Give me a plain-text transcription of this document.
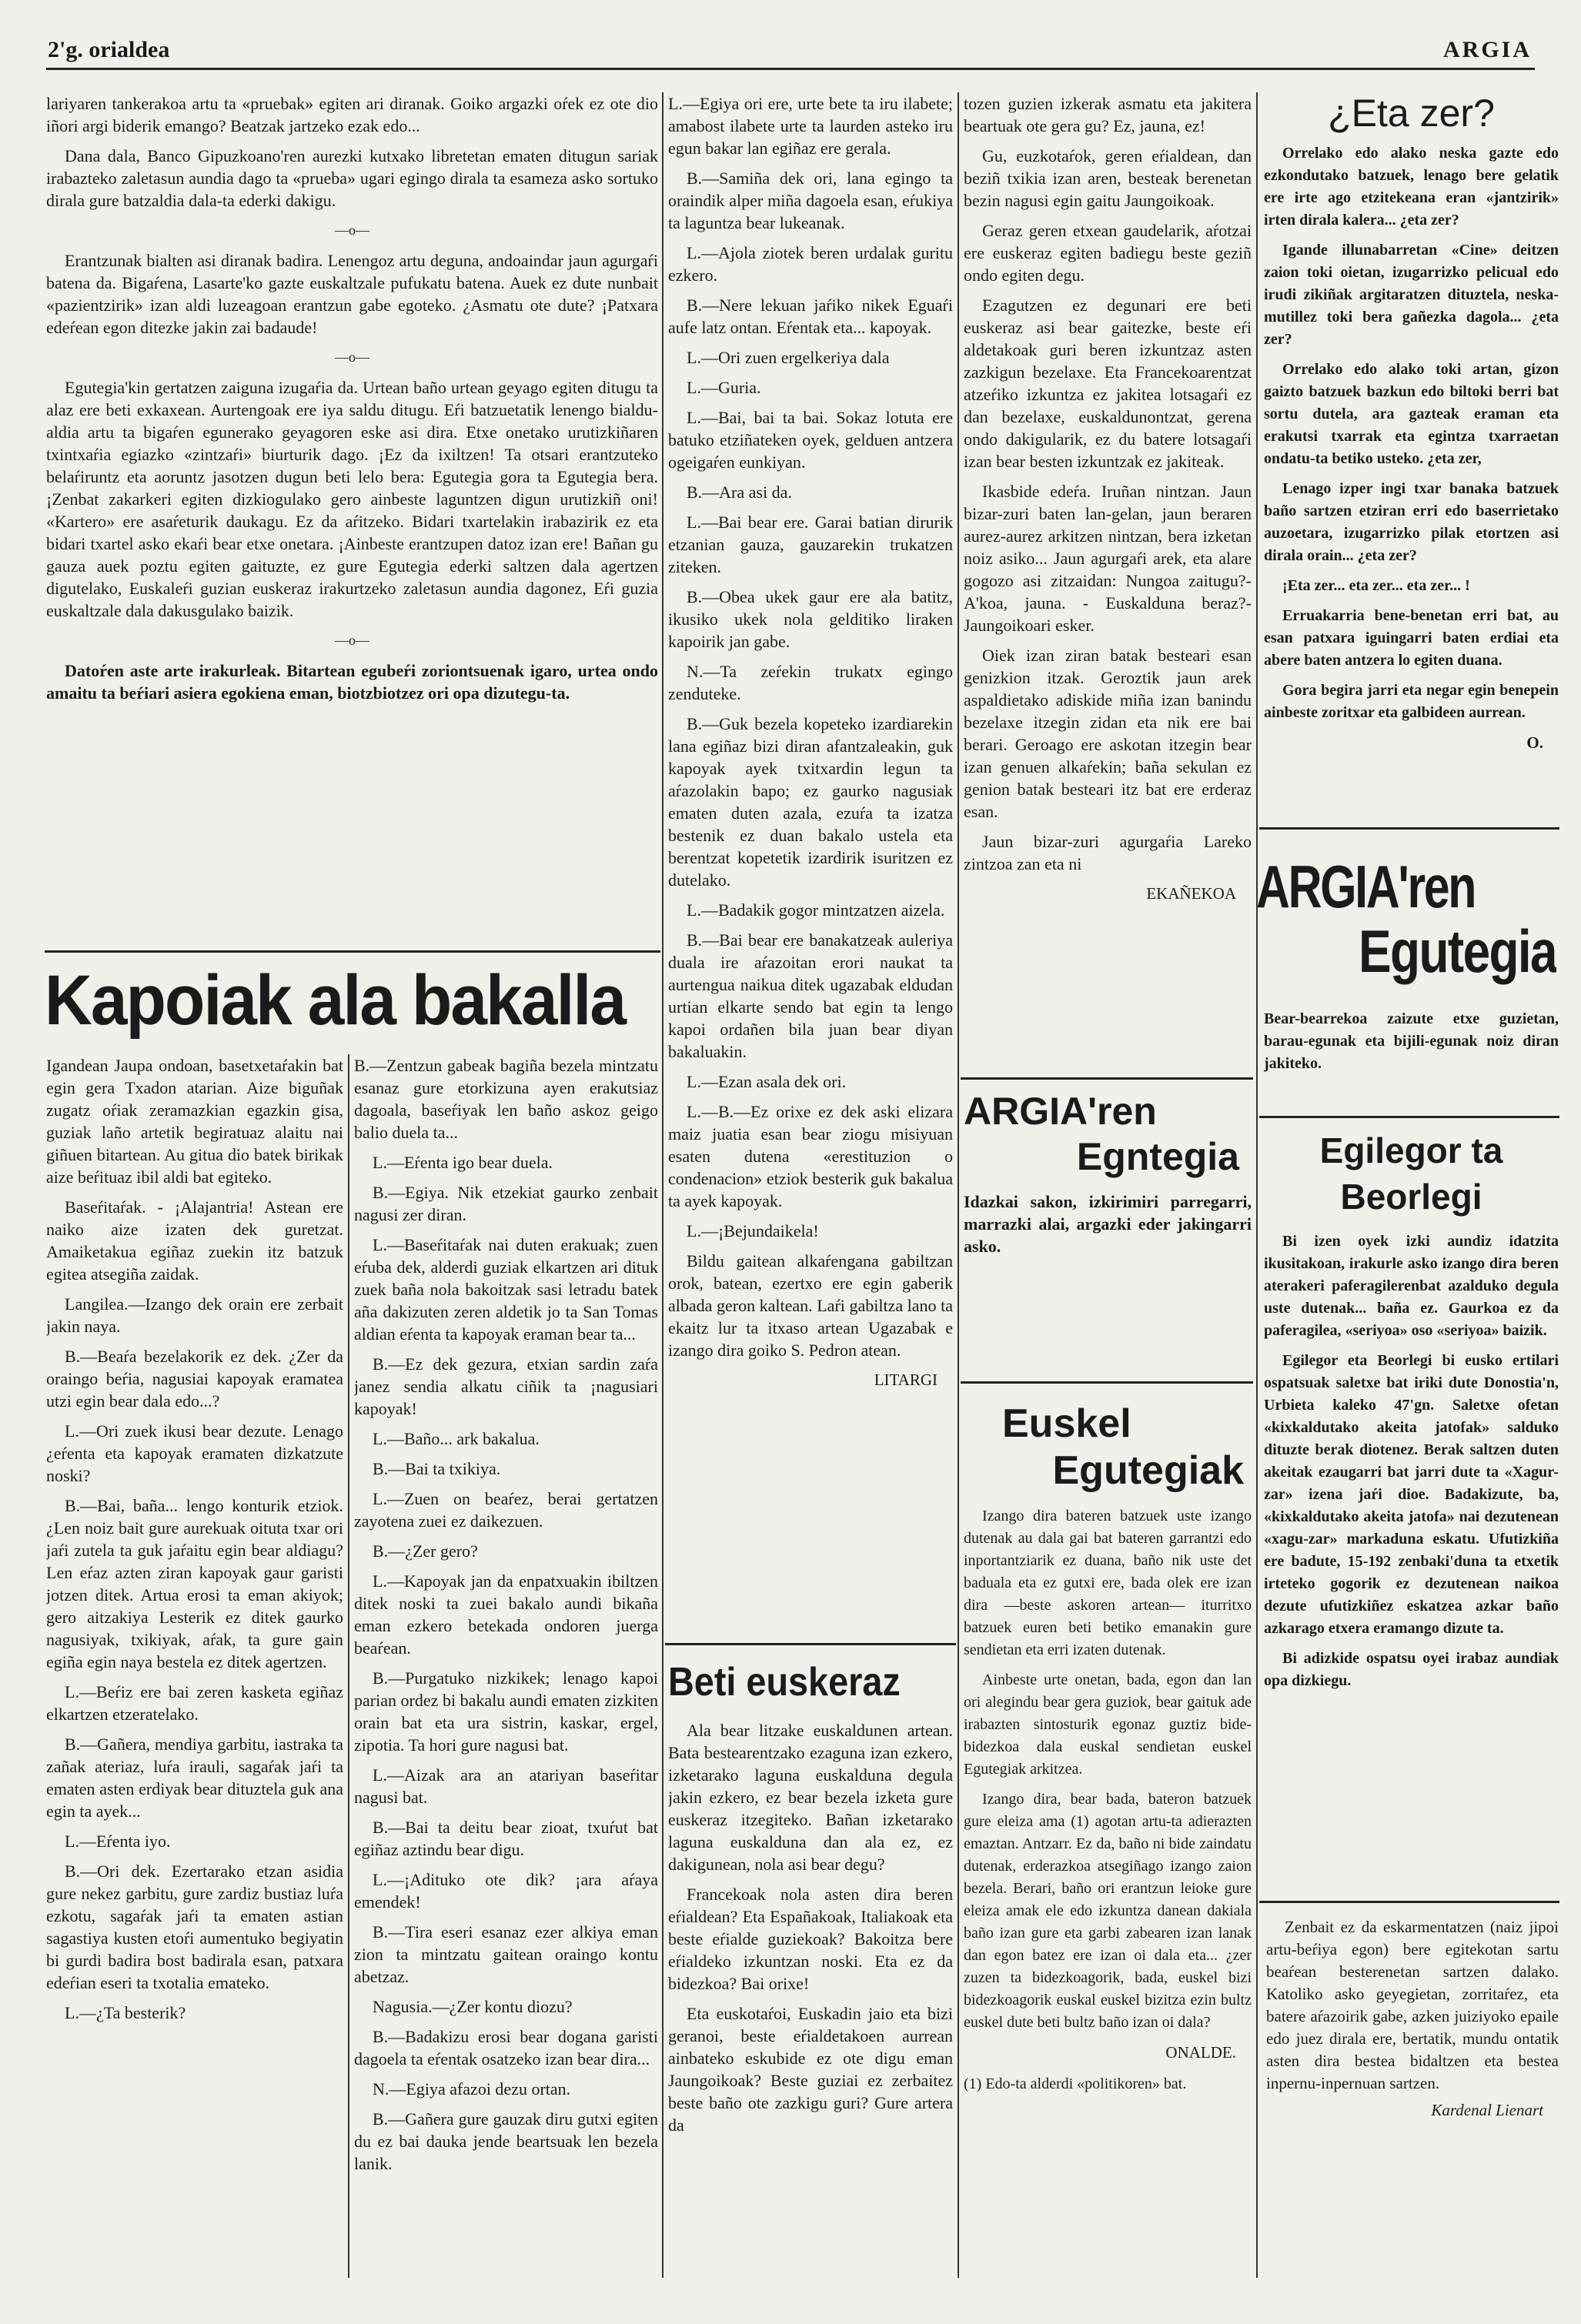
2'g. orialdea	ARGIA

lariyaren tankerakoa artu ta «pruebak» egiten ari diranak. Goiko argazki oŕek ez ote dio iñori argi biderik emango? Beatzak jartzeko ezak edo...

Dana dala, Banco Gipuzkoano'ren aurezki kutxako libretetan ematen ditugun sariak irabazteko zaletasun aundia dago ta «prueba» ugari egingo dirala ta esameza asko sortuko dirala gure batzaldia dala-ta ederki dakigu.

—o—

Erantzunak bialten asi diranak badira. Lenengoz artu deguna, andoaindar jaun agurgaŕi batena da. Bigaŕena, Lasarte'ko gazte euskaltzale pufukatu batena. Auek ez dute nunbait «pazientzirik» izan aldi luzeagoan erantzun gabe egoteko. ¿Asmatu ote dute? ¡Patxara edeŕean egon ditezke jakin zai badaude!

—o—

Egutegia'kin gertatzen zaiguna izugaŕia da. Urtean baño urtean geyago egiten ditugu ta alaz ere beti exkaxean. Aurtengoak ere iya saldu ditugu. Eŕi batzuetatik lenengo bialdu-aldia artu ta bigaŕen egunerako geyagoren eske asi dira. Etxe onetako urutizkiñaren txintxaŕia egiazko «zintzaŕi» biurturik dago. ¡Ez da ixiltzen! Ta otsari erantzuteko belaŕiruntz eta aoruntz jasotzen dugun beti lelo bera: Egutegia gora ta Egutegia bera. ¡Zenbat zakarkeri egiten dizkiogulako gero ainbeste laguntzen digun urutizkiñ oni! «Kartero» ere asaŕeturik daukagu. Ez da aŕitzeko. Bidari txartelakin irabazirik ez eta bidari txartel asko ekaŕi bear etxe onetara. ¡Ainbeste erantzupen datoz izan ere! Bañan gu gauza auek poztu egiten gaituzte, ez gure Egutegia ederki saltzen dala agertzen digutelako, Euskaleŕi guzian euskeraz irakurtzeko zaletasun aundia dagonez, Eŕi guzia euskaltzale dala dakusgulako baizik.

—o—

Datoŕen aste arte irakurleak. Bitartean egubeŕi zoriontsuenak igaro, urtea ondo amaitu ta beŕiari asiera egokiena eman, biotzbiotzez ori opa dizutegu-ta.

Kapoiak ala bakalla

Igandean Jaupa ondoan, basetxetaŕakin bat egin gera Txadon atarian. Aize biguñak zugatz oŕiak zeramazkian egazkin gisa, guziak laño artetik begiratuaz alaitu nai giñuen bitartean. Au gitua dio batek birikak aize beŕituaz ibil aldi bat egiteko.

Baseŕitaŕak. - ¡Alajantria! Astean ere naiko aize izaten dek guretzat. Amaiketakua egiñaz zuekin itz batzuk egitea atsegiña zaidak.

Langilea.—Izango dek orain ere zerbait jakin naya.

B.—Beaŕa bezelakorik ez dek. ¿Zer da oraingo beŕia, nagusiai kapoyak eramatea utzi egin bear dala edo...?

L.—Ori zuek ikusi bear dezute. Lenago ¿eŕenta eta kapoyak eramaten dizkatzute noski?

B.—Bai, baña... lengo konturik etziok. ¿Len noiz bait gure aurekuak oituta txar ori jaŕi zutela ta guk jaŕaitu egin bear aldiagu? Len eŕaz azten ziran kapoyak gaur garisti jotzen ditek. Artua erosi ta eman akiyok; gero aitzakiya Lesterik ez ditek gaurko nagusiyak, txikiyak, aŕak, ta gure gain egiña egin naya bestela ez ditek agertzen.

L.—Beŕiz ere bai zeren kasketa egiñaz elkartzen etzeratelako.

B.—Gañera, mendiya garbitu, iastraka ta zañak ateriaz, luŕa irauli, sagaŕak jaŕi ta ematen asten erdiyak bear dituztela guk ana egin ta ayek...

L.—Eŕenta iyo.

B.—Ori dek. Ezertarako etzan asidia gure nekez garbitu, gure zardiz bustiaz luŕa ezkotu, sagaŕak jaŕi ta ematen astian sagastiya kusten etoŕi aumentuko begiyatin bi gurdi badira bost badirala esan, patxara edeŕian eseri ta txotalia emateko.

L.—¿Ta besterik?

B.—Zentzun gabeak bagiña bezela mintzatu esanaz gure etorkizuna ayen erakutsiaz dagoala, baseŕiyak len baño askoz geigo balio duela ta...

L.—Eŕenta igo bear duela.

B.—Egiya. Nik etzekiat gaurko zenbait nagusi zer diran.

L.—Baseŕitaŕak nai duten erakuak; zuen eŕuba dek, alderdi guziak elkartzen ari dituk zuek baña nola bakoitzak sasi letradu batek aña dakizuten zeren aldetik jo ta San Tomas aldian eŕenta ta kapoyak eraman bear ta...

B.—Ez dek gezura, etxian sardin zaŕa janez sendia alkatu ciñik ta ¡nagusiari kapoyak!

L.—Baño... ark bakalua.

B.—Bai ta txikiya.

L.—Zuen on beaŕez, berai gertatzen zayotena zuei ez daikezuen.

B.—¿Zer gero?

L.—Kapoyak jan da enpatxuakin ibiltzen ditek noski ta zuei bakalo aundi bikaña eman ezkero betekada ondoren juerga beaŕean.

B.—Purgatuko nizkikek; lenago kapoi parian ordez bi bakalu aundi ematen zizkiten orain bat eta ura sistrin, kaskar, ergel, zipotia. Ta hori gure nagusi bat.

L.—Aizak ara an atariyan baseŕitar nagusi bat.

B.—Bai ta deitu bear zioat, txuŕut bat egiñaz aztindu bear digu.

L.—¡Adituko ote dik? ¡ara aŕaya emendek!

B.—Tira eseri esanaz ezer alkiya eman zion ta mintzatu gaitean oraingo kontu abetzaz.

Nagusia.—¿Zer kontu diozu?

B.—Badakizu erosi bear dogana garisti dagoela ta eŕentak osatzeko izan bear dira...

N.—Egiya afazoi dezu ortan.

B.—Gañera gure gauzak diru gutxi egiten du ez bai dauka jende beartsuak len bezela lanik.

L.—Egiya ori ere, urte bete ta iru ilabete; amabost ilabete urte ta laurden asteko iru egun bakar lan egiñaz ere gerala.

B.—Samiña dek ori, lana egingo ta oraindik alper miña dagoela esan, eŕukiya ta laguntza bear lukeanak.

L.—Ajola ziotek beren urdalak guritu ezkero.

B.—Nere lekuan jaŕiko nikek Eguaŕi aufe latz ontan. Eŕentak eta... kapoyak.

L.—Ori zuen ergelkeriya dala

L.—Guria.

L.—Bai, bai ta bai. Sokaz lotuta ere batuko etziñateken oyek, gelduen antzera ogeigaŕen eunkiyan.

B.—Ara asi da.

L.—Bai bear ere. Garai batian dirurik etzanian gauza, gauzarekin trukatzen ziteken.

B.—Obea ukek gaur ere ala batitz, ikusiko ukek nola gelditiko liraken kapoirik jan gabe.

N.—Ta zeŕekin trukatx egingo zenduteke.

B.—Guk bezela kopeteko izardiarekin lana egiñaz bizi diran afantzaleakin, guk kapoyak ayek txitxardin legun ta aŕazolakin bapo; ez gaurko nagusiak ematen duten azala, ezuŕa ta izatza bestenik ez duan bakalo ustela eta berentzat kopetetik izardirik isuritzen ez dutelako.

L.—Badakik gogor mintzatzen aizela.

B.—Bai bear ere banakatzeak auleriya duala ire aŕazoitan erori naukat ta aurtengua naikua ditek ugazabak eldudan urtian elkarte sendo bat egin ta lengo kapoi ordañen bila juan bear diyan bakaluakin.

L.—Ezan asala dek ori.

L.—B.—Ez orixe ez dek aski elizara maiz juatia esan bear ziogu misiyuan esaten dutena «erestituzion o condenacion» etziok besterik guk bakalua ta ayek kapoyak.

L.—¡Bejundaikela!

Bildu gaitean alkaŕengana gabiltzan orok, batean, ezertxo ere egin gaberik albada geron kaltean. Laŕi gabiltza lano ta ekaitz lur ta itxaso artean Ugazabak e izango dira goiko S. Pedron atean.

LITARGI
Beti euskeraz

Ala bear litzake euskaldunen artean. Bata bestearentzako ezaguna izan ezkero, izketarako laguna euskalduna degula jakin ezkero, ez bear bezela izketa gure euskeraz itzegiteko. Bañan izketarako laguna euskalduna dan ala ez, ez dakigunean, nola asi bear degu?

Francekoak nola asten dira beren eŕialdean? Eta Españakoak, Italiakoak eta beste eŕialde guziekoak? Bakoitza bere eŕialdeko izkuntzan noski. Eta ez da bidezkoa? Bai orixe!

Eta euskotaŕoi, Euskadin jaio eta bizi geranoi, beste eŕialdetakoen aurrean ainbateko eskubide ez ote digu eman Jaungoikoak? Beste guziai ez zerbaitez beste baño ote zazkigu guri? Gure artera da

tozen guzien izkerak asmatu eta jakitera beartuak ote gera gu? Ez, jauna, ez!

Gu, euzkotaŕok, geren eŕialdean, dan beziñ txikia izan aren, besteak berenetan bezin nagusi egin gaitu Jaungoikoak.

Geraz geren etxean gaudelarik, aŕotzai ere euskeraz egiten badiegu beste geziñ ondo egiten degu.

Ezagutzen ez degunari ere beti euskeraz asi bear gaitezke, beste eŕi aldetakoak guri beren izkuntzaz asten zazkigun bezelaxe. Eta Francekoarentzat atzeŕiko izkuntza ez jakitea lotsagaŕi ez dan bezelaxe, euskaldunontzat, gerena ondo dakigularik, ez du batere lotsagaŕi izan bear besten izkuntzak ez jakiteak.

Ikasbide edeŕa. Iruñan nintzan. Jaun bizar-zuri baten lan-gelan, jaun beraren aurez-aurez arkitzen nintzan, bera izketan noiz asiko... Jaun agurgaŕi arek, eta alare gogozo asi zitzaidan: Nungoa zaitugu?-A'koa, jauna. - Euskalduna beraz?-Jaungoikoari esker.

Oiek izan ziran batak besteari esan genizkion itzak. Geroztik jaun arek aspaldietako adiskide miña izan banindu bezelaxe itzegin zidan eta nik ere bai berari. Geroago ere askotan itzegin bear izan genuen alkaŕekin; baña sekulan ez genion batak besteari itz bat ere erderaz esan.

Jaun bizar-zuri agurgaŕia Lareko zintzoa zan eta ni

EKAÑEKOA
ARGIA'ren
Egntegia

Idazkai sakon, izkirimiri parregarri, marrazki alai, argazki eder jakingarri asko.

Euskel
Egutegiak

Izango dira bateren batzuek uste izango dutenak au dala gai bat bateren garrantzi edo inportantziarik ez duana, baño nik uste det baduala eta ez gutxi ere, bada olek ere izan dira —beste askoren artean— iturritxo batzuek euren beti betiko emanakin gure sendietan eta erri izaten dutenak.

Ainbeste urte onetan, bada, egon dan lan ori alegindu bear gera guziok, bear gaituk ade irabazten sintosturik egonaz guztiz bide-bidezkoa dala euskal sendietan euskel Egutegiak arkitzea.

Izango dira, bear bada, bateron batzuek gure eleiza ama (1) agotan artu-ta adierazten emaztan. Antzarr. Ez da, baño ni bide zaindatu dutenak, erderazkoa atsegiñago izango zaion bezela. Berari, baño ori erantzun leioke gure eleiza amak ele edo izkuntza danean dakiala baño izan gure eta garbi zabearen izan lanak dan egon batez ere izan oi dala eta... ¿zer zuzen ta bidezkoagorik, bada, euskel bizi bidezkoagorik euskal euskel bizitza ezin bultz euskel dute beti bultz baño izan oi dala?

ONALDE.

(1) Edo-ta alderdi «politikoren» bat.

¿Eta zer?

Orrelako edo alako neska gazte edo ezkondutako batzuek, lenago bere gelatik ere irte ago etzitekeana eran «jantzirik» irten dirala kalera... ¿eta zer?

Igande illunabarretan «Cine» deitzen zaion toki oietan, izugarrizko pelicual edo irudi zikiñak argitaratzen dituztela, neska-mutillez toki bera gañezka dagola... ¿eta zer?

Orrelako edo alako toki artan, gizon gaizto batzuek bazkun edo biltoki berri bat sortu dutela, ara gazteak eraman eta erakutsi txarrak eta egintza txarraetan ondatu-ta betiko usteko. ¿eta zer,

Lenago izper ingi txar banaka batzuek baño sartzen etziran erri edo baserrietako auzoetara, izugarrizko pilak etortzen asi dirala orain... ¿eta zer?

¡Eta zer... eta zer... eta zer... !

Erruakarria bene-benetan erri bat, au esan patxara iguingarri baten erdiai eta abere baten antzera lo egiten duana.

Gora begira jarri eta negar egin benepein ainbeste zoritxar eta galbideen aurrean.

O.
ARGIA'ren
Egutegia

Bear-bearrekoa zaizute etxe guzietan, barau-egunak eta bijili-egunak noiz diran jakiteko.

Egilegor ta
Beorlegi

Bi izen oyek izki aundiz idatzita ikusitakoan, irakurle asko izango dira beren aterakeri paferagilerenbat azalduko degula uste dutenak... baña ez. Gaurkoa ez da paferagilea, «seriyoa» oso «seriyoa» baizik.

Egilegor eta Beorlegi bi eusko ertilari ospatsuak saletxe bat iriki dute Donostia'n, Urbieta kaleko 47'gn. Saletxe ofetan «kixkaldutako akeita jatofak» salduko dituzte berak diotenez. Berak saltzen duten akeitak ezaugarri bat jarri dute ta «Xagur-zar» izena jaŕi dioe. Badakizute, ba, «kixkaldutako akeita jatofa» nai dezutenean «xagu-zar» markaduna eskatu. Ufutizkiña ere badute, 15-192 zenbaki'duna ta etxetik irteteko gogorik ez dezutenean naikoa dezute ufutizkiñez eskatzea azkar baño azkarago etxera eramango dizute ta.

Bi adizkide ospatsu oyei irabaz aundiak opa dizkiegu.

Zenbait ez da eskarmentatzen (naiz jipoi artu-beŕiya egon) bere egitekotan sartu beaŕean besterenetan sartzen dalako. Katoliko asko geyegietan, zorritaŕez, eta batere aŕazoirik gabe, azken juiziyoko epaile edo juez dirala ere, bertatik, mundu ontatik asten dira bestea bidaltzen eta bestea inpernu-inpernuan sartzen.

Kardenal Lienart
